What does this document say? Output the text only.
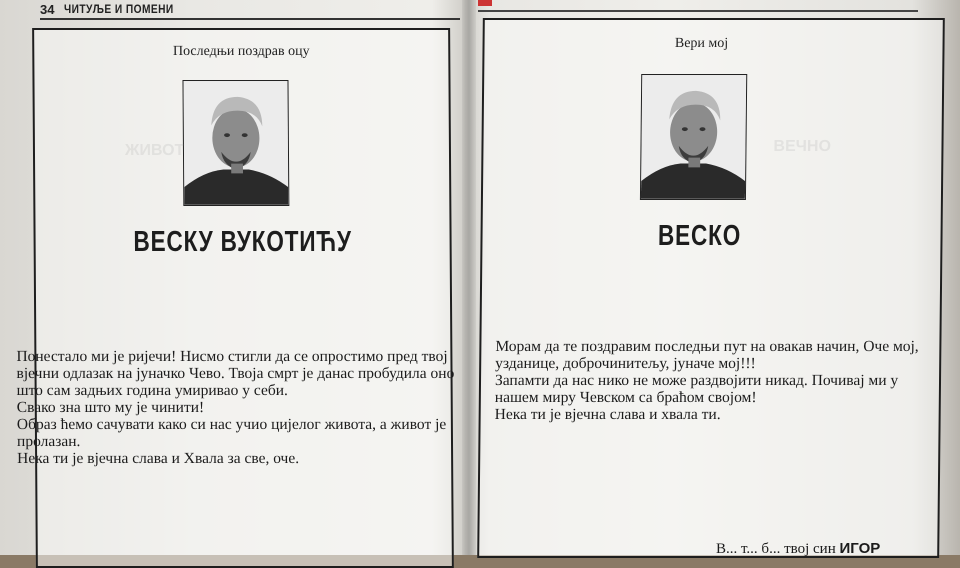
34 ЧИТУЉЕ И ПОМЕНИ
Последњи поздрав оцу
ВЕСКУ ВУКОТИЋУ
ЖИВОТ

Понестало ми је ријечи! Нисмо стигли да се опростимо пред твој вјечни одлазак на јуначко Чево. Твоја смрт је данас пробудила оно што сам задњих година умиривао у себи.

Свако зна што му је чинити!

Образ ћемо сачувати како си нас учио цијелог живота, а живот је пролазан.

Нека ти је вјечна слава и Хвала за све, оче.

Вери мој
ВЕСКО
ВЕЧНО

Морам да те поздравим последњи пут на овакав начин, Оче мој, узданице, доброчинитељу, јуначе мој!!!

Запамти да нас нико не може раздвојити никад. Почивај ми у нашем миру Чевском са браћом својом!

Нека ти је вјечна слава и хвала ти.

В... т... б... твој син ИГОР
